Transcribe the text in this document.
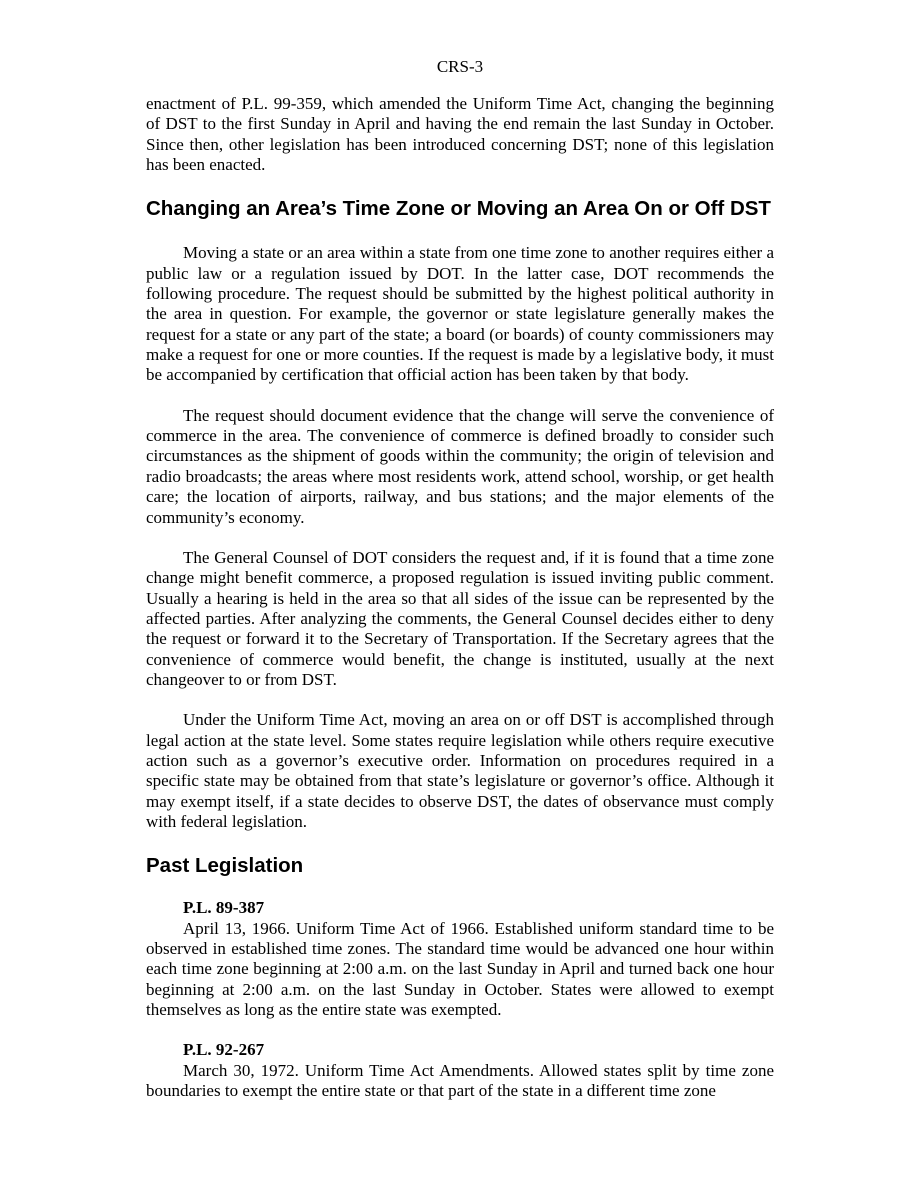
CRS-3

enactment of P.L. 99-359, which amended the Uniform Time Act, changing the beginning of DST to the first Sunday in April and having the end remain the last Sunday in October. Since then, other legislation has been introduced concerning DST; none of this legislation has been enacted.

Changing an Area’s Time Zone or Moving an Area On or Off DST

Moving a state or an area within a state from one time zone to another requires either a public law or a regulation issued by DOT. In the latter case, DOT recommends the following procedure. The request should be submitted by the highest political authority in the area in question. For example, the governor or state legislature generally makes the request for a state or any part of the state; a board (or boards) of county commissioners may make a request for one or more counties. If the request is made by a legislative body, it must be accompanied by certification that official action has been taken by that body.

The request should document evidence that the change will serve the convenience of commerce in the area. The convenience of commerce is defined broadly to consider such circumstances as the shipment of goods within the community; the origin of television and radio broadcasts; the areas where most residents work, attend school, worship, or get health care; the location of airports, railway, and bus stations; and the major elements of the community’s economy.

The General Counsel of DOT considers the request and, if it is found that a time zone change might benefit commerce, a proposed regulation is issued inviting public comment. Usually a hearing is held in the area so that all sides of the issue can be represented by the affected parties. After analyzing the comments, the General Counsel decides either to deny the request or forward it to the Secretary of Transportation. If the Secretary agrees that the convenience of commerce would benefit, the change is instituted, usually at the next changeover to or from DST.

Under the Uniform Time Act, moving an area on or off DST is accomplished through legal action at the state level. Some states require legislation while others require executive action such as a governor’s executive order. Information on procedures required in a specific state may be obtained from that state’s legislature or governor’s office. Although it may exempt itself, if a state decides to observe DST, the dates of observance must comply with federal legislation.

Past Legislation
P.L. 89-387

April 13, 1966. Uniform Time Act of 1966. Established uniform standard time to be observed in established time zones. The standard time would be advanced one hour within each time zone beginning at 2:00 a.m. on the last Sunday in April and turned back one hour beginning at 2:00 a.m. on the last Sunday in October. States were allowed to exempt themselves as long as the entire state was exempted.

P.L. 92-267

March 30, 1972. Uniform Time Act Amendments. Allowed states split by time zone boundaries to exempt the entire state or that part of the state in a different time zone
